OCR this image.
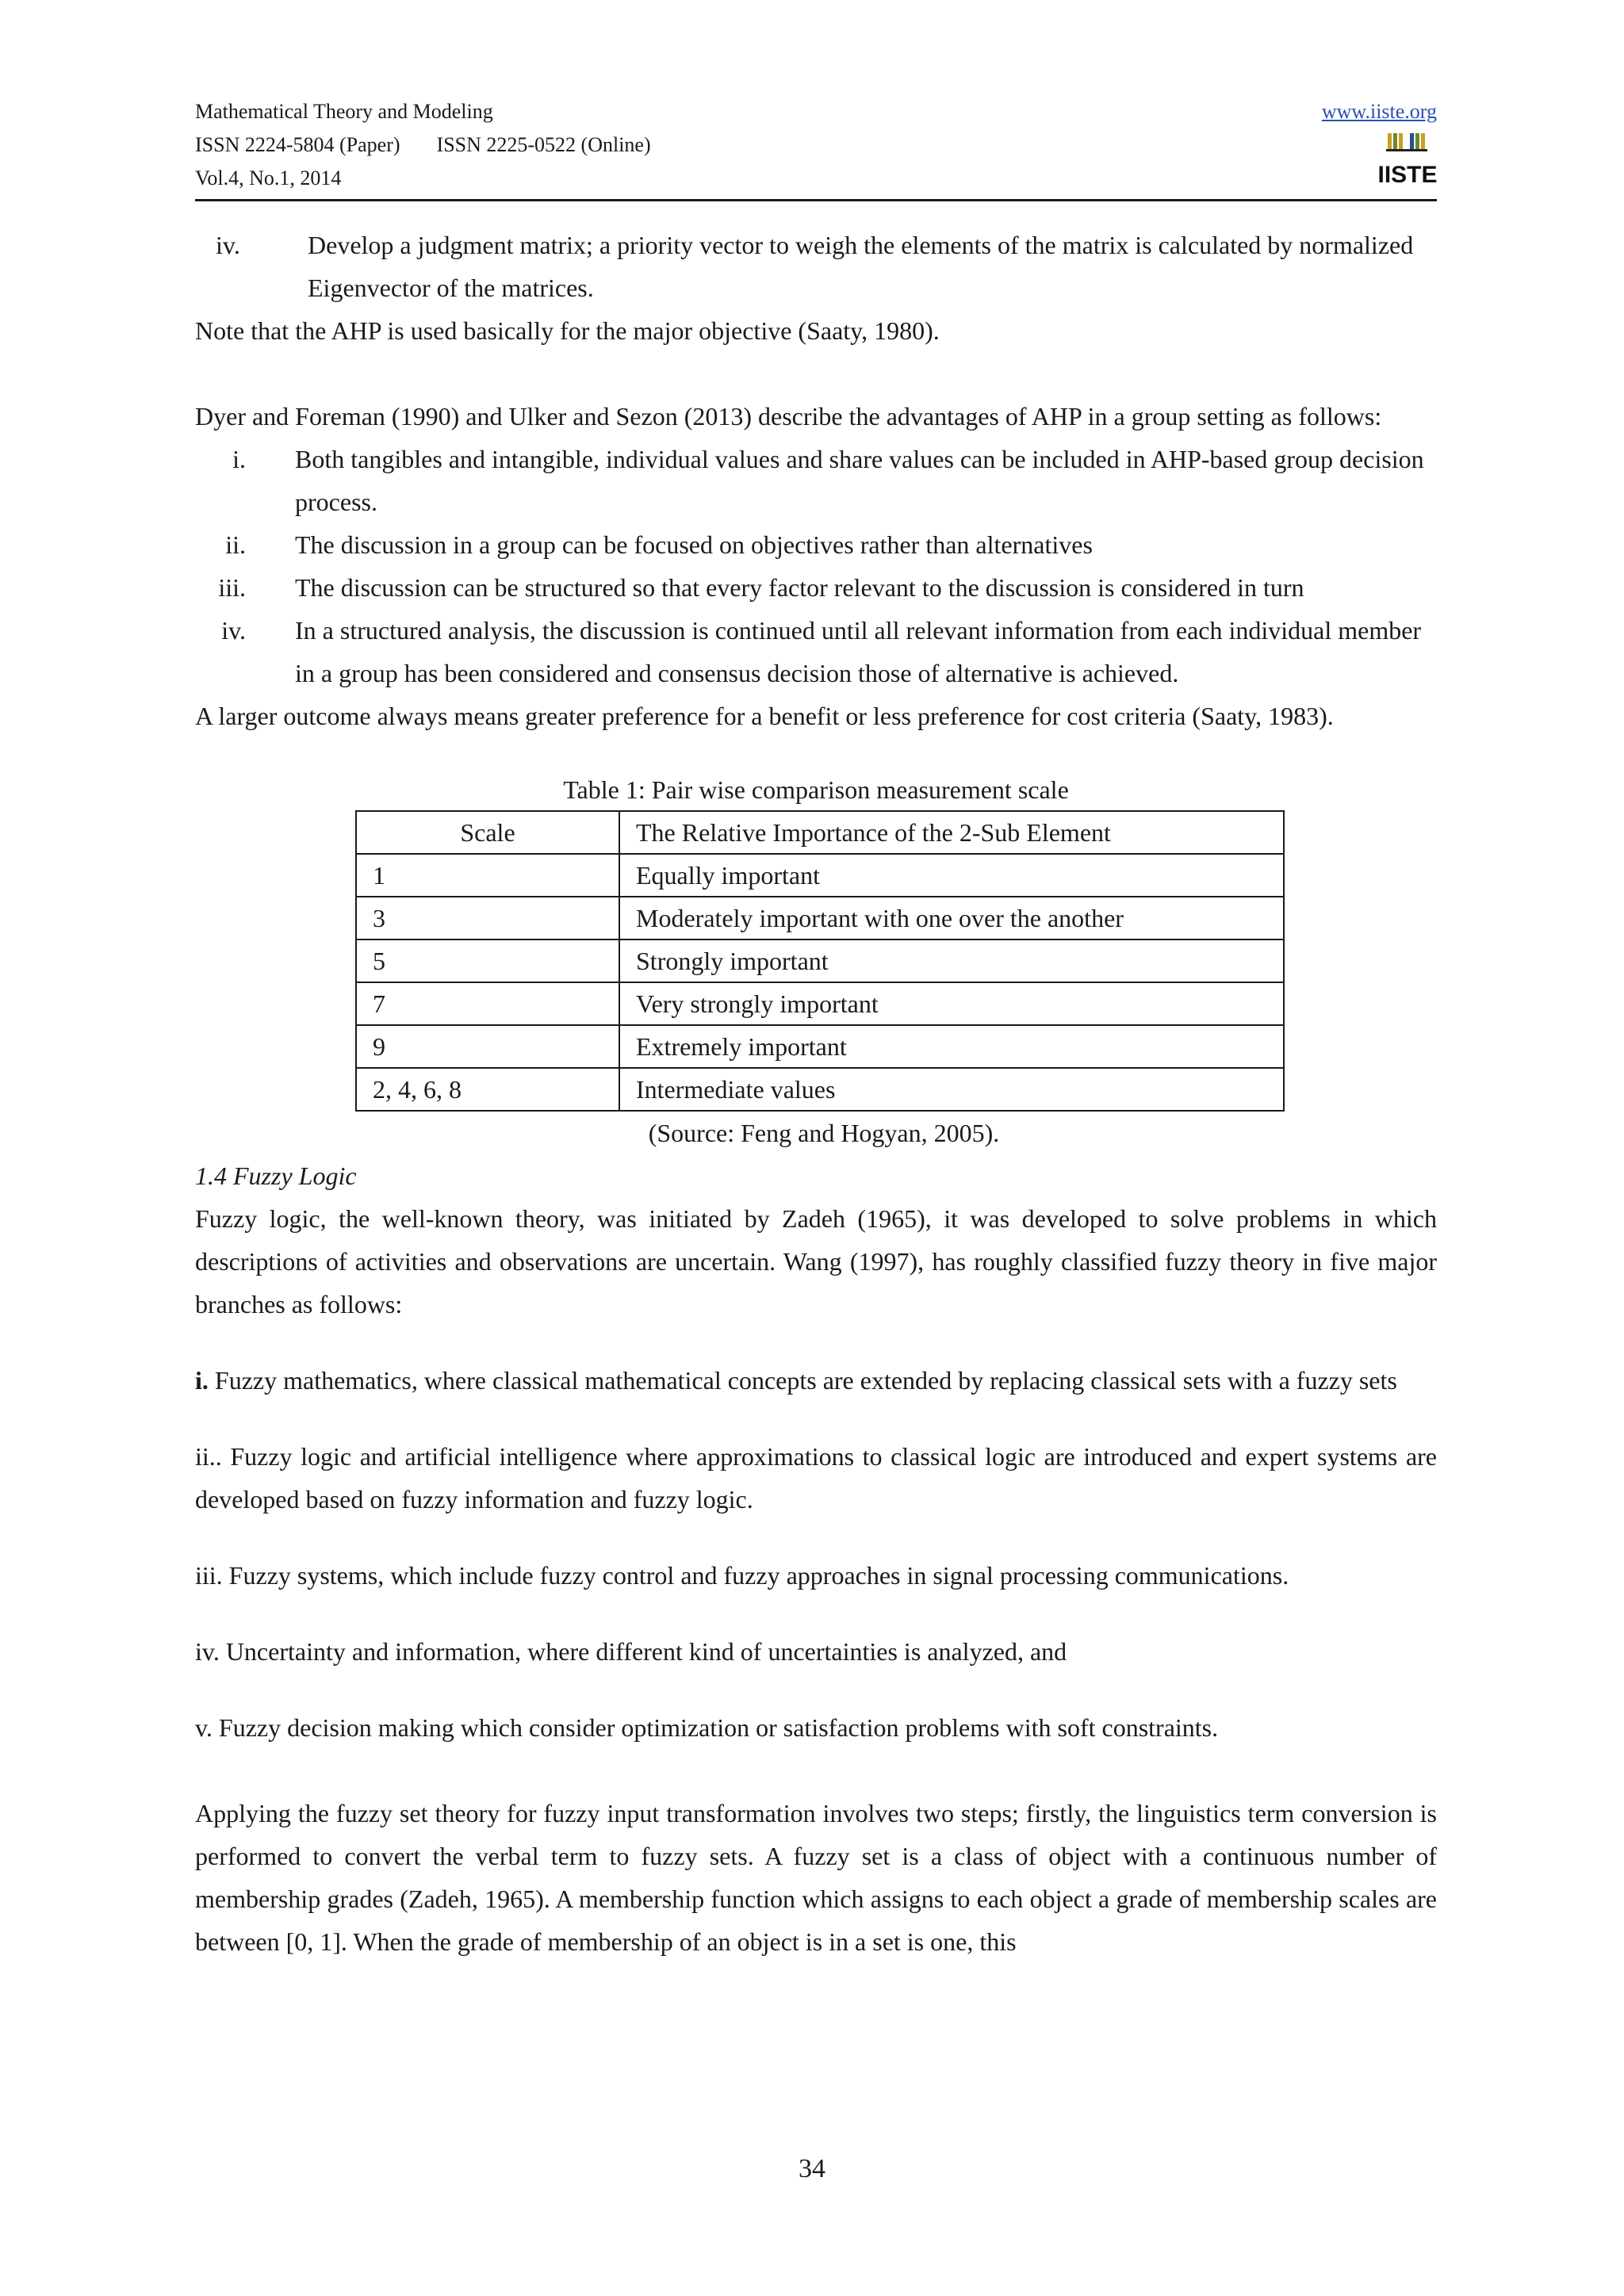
Mathematical Theory and Modeling
ISSN 2224-5804 (Paper) ISSN 2225-0522 (Online)
Vol.4, No.1, 2014
www.iiste.org
IISTE
iv.	Develop a judgment matrix; a priority vector to weigh the elements of the matrix is calculated by normalized Eigenvector of the matrices.

Note that the AHP is used basically for the major objective (Saaty, 1980).

Dyer and Foreman (1990) and Ulker and Sezon (2013) describe the advantages of AHP in a group setting as follows:

i. Both tangibles and intangible, individual values and share values can be included in AHP-based group decision process.
ii. The discussion in a group can be focused on objectives rather than alternatives
iii. The discussion can be structured so that every factor relevant to the discussion is considered in turn
iv. In a structured analysis, the discussion is continued until all relevant information from each individual member in a group has been considered and consensus decision those of alternative is achieved.

A larger outcome always means greater preference for a benefit or less preference for cost criteria (Saaty, 1983).

Table 1: Pair wise comparison measurement scale
Scale	The Relative Importance of the 2-Sub Element
1	Equally important
3	Moderately important with one over the another
5	Strongly important
7	Very strongly important
9	Extremely important
2, 4, 6, 8	Intermediate values
(Source: Feng and Hogyan, 2005).
1.4 Fuzzy Logic

Fuzzy logic, the well-known theory, was initiated by Zadeh (1965), it was developed to solve problems in which descriptions of activities and observations are uncertain. Wang (1997), has roughly classified fuzzy theory in five major branches as follows:

i. Fuzzy mathematics, where classical mathematical concepts are extended by replacing classical sets with a fuzzy sets

ii.. Fuzzy logic and artificial intelligence where approximations to classical logic are introduced and expert systems are developed based on fuzzy information and fuzzy logic.

iii. Fuzzy systems, which include fuzzy control and fuzzy approaches in signal processing communications.

iv. Uncertainty and information, where different kind of uncertainties is analyzed, and

v. Fuzzy decision making which consider optimization or satisfaction problems with soft constraints.

Applying the fuzzy set theory for fuzzy input transformation involves two steps; firstly, the linguistics term conversion is performed to convert the verbal term to fuzzy sets. A fuzzy set is a class of object with a continuous number of membership grades (Zadeh, 1965). A membership function which assigns to each object a grade of membership scales are between [0, 1]. When the grade of membership of an object is in a set is one, this

34
